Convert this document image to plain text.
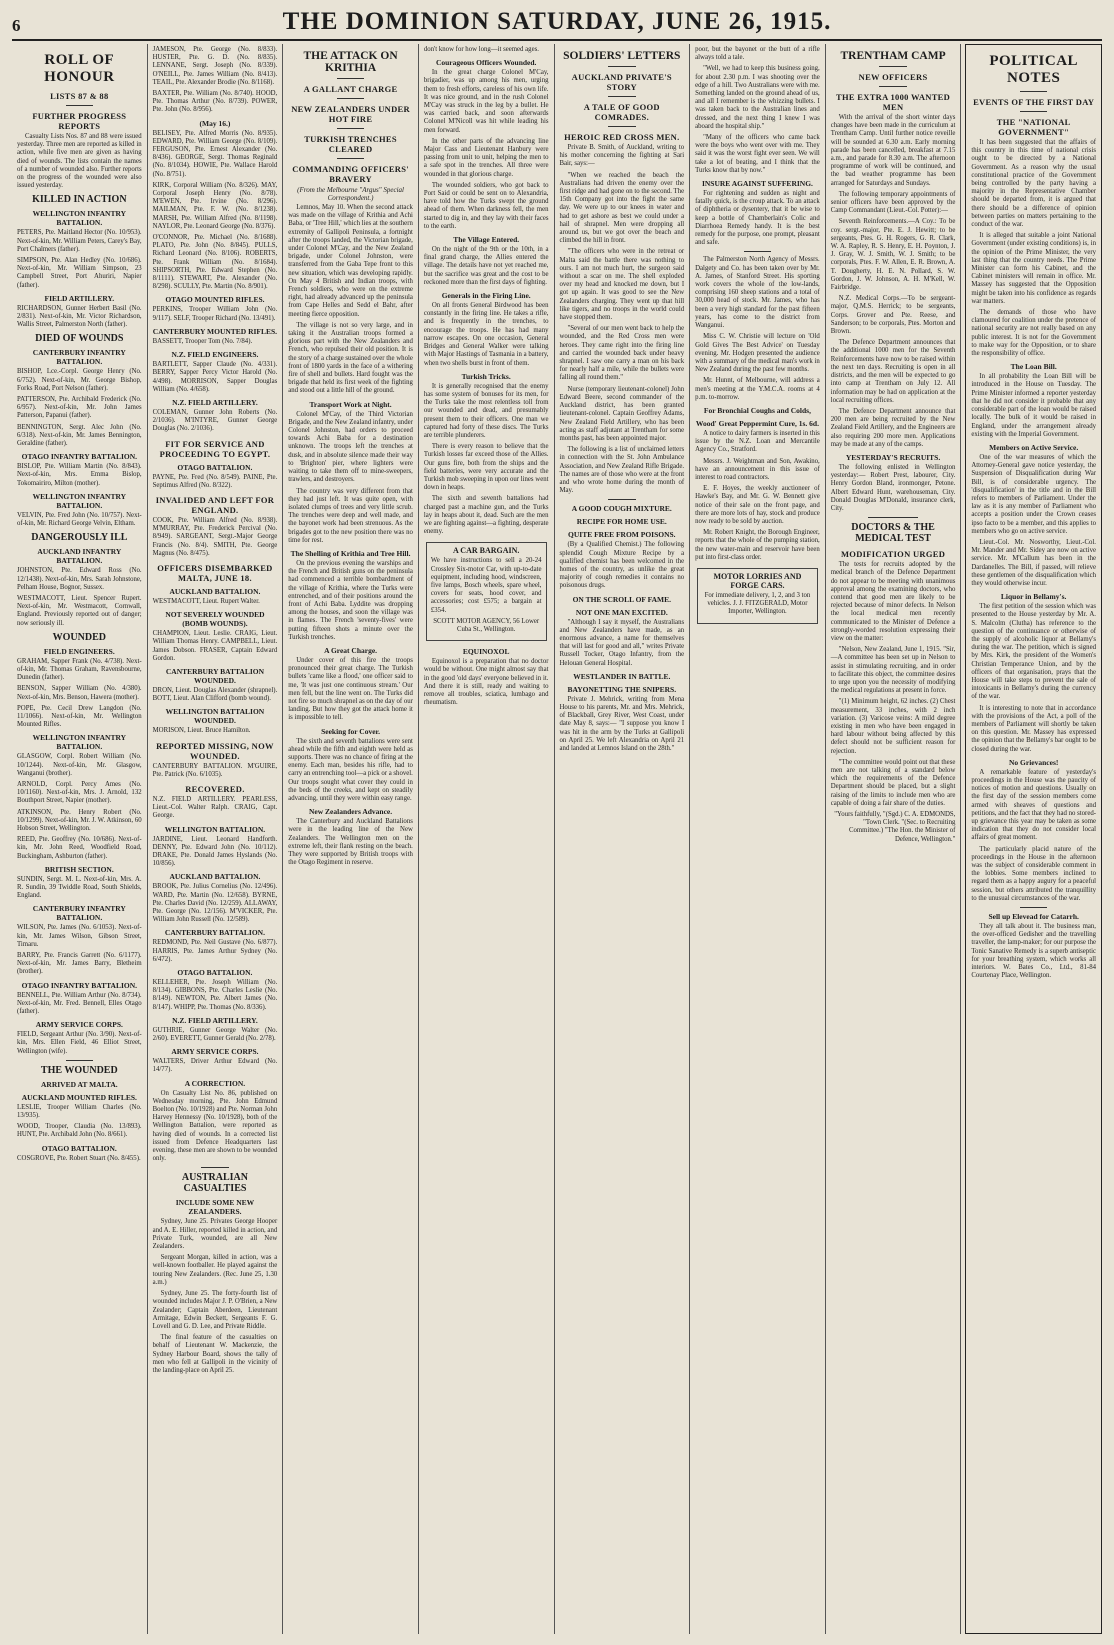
6	THE DOMINION SATURDAY, JUNE 26, 1915.
ROLL OF HONOUR
LISTS 87 & 88
FURTHER PROGRESS REPORTS

Casualty Lists Nos. 87 and 88 were issued yesterday. Three men are reported as killed in action, while five men are given as having died of wounds. The lists contain the names of a number of wounded also. Further reports on the progress of the wounded were also issued yesterday.

KILLED IN ACTION
WELLINGTON INFANTRY BATTALION.

PETERS, Pte. Maitland Hector (No. 10/953). Next-of-kin, Mr. William Peters, Carey's Bay, Port Chalmers (father).

SIMPSON, Pte. Alan Hedley (No. 10/686). Next-of-kin, Mr. William Simpson, 23 Campbell Street, Port Ahuriri, Napier (father).

FIELD ARTILLERY.

RICHARDSON, Gunner Herbert Basil (No. 2/831). Next-of-kin, Mr. Victor Richardson, Wallis Street, Palmerston North (father).

DIED OF WOUNDS
CANTERBURY INFANTRY BATTALION.

BISHOP, Lce.-Corpl. George Henry (No. 6/752). Next-of-kin, Mr. George Bishop, Forks Road, Port Nelson (father).

PATTERSON, Pte. Archibald Frederick (No. 6/957). Next-of-kin, Mr. John James Patterson, Papanui (father).

BENNINGTON, Sergt. Alec John (No. 6/318). Next-of-kin, Mr. James Bennington, Geraldine (father).

OTAGO INFANTRY BATTALION.

BISLOP, Pte. William Martin (No. 8/843). Next-of-kin, Mrs. Emma Bislop, Tokomairiro, Milton (mother).

WELLINGTON INFANTRY BATTALION.

VELVIN, Pte. Fred John (No. 10/757). Next-of-kin, Mr. Richard George Velvin, Eltham.

DANGEROUSLY ILL
AUCKLAND INFANTRY BATTALION.

JOHNSTON, Pte. Edward Ross (No. 12/1438). Next-of-kin, Mrs. Sarah Johnstone, Pelham House, Bognor, Sussex.

WESTMACOTT, Lieut. Spencer Rupert. Next-of-kin, Mr. Westmacott, Cornwall, England. Previously reported out of danger; now seriously ill.

WOUNDED
FIELD ENGINEERS.

GRAHAM, Sapper Frank (No. 4/738). Next-of-kin, Mr. Thomas Graham, Ravensbourne, Dunedin (father).

BENSON, Sapper William (No. 4/380). Next-of-kin, Mrs. Benson, Hawera (mother).

POPE, Pte. Cecil Drew Langdon (No. 11/1066). Next-of-kin, Mr. Wellington Mounted Rifles.

WELLINGTON INFANTRY BATTALION.

GLASGOW, Corpl. Robert William (No. 10/1244). Next-of-kin, Mr. Glasgow, Wanganui (brother).

ARNOLD, Corpl. Percy Ames (No. 10/1160). Next-of-kin, Mrs. J. Arnold, 132 Bouthport Street, Napier (mother).

ATKINSON, Pte. Henry Robert (No. 10/1299). Next-of-kin, Mr. J. W. Atkinson, 60 Hobson Street, Wellington.

REED, Pte. Geoffrey (No. 10/686). Next-of-kin, Mr. John Reed, Woodfield Road, Buckingham, Ashburton (father).

BRITISH SECTION.

SUNDIN, Sergt. M. L. Next-of-kin, Mrs. A. R. Sundin, 39 Twiddle Road, South Shields, England.

CANTERBURY INFANTRY BATTALION.

WILSON, Pte. James (No. 6/1053). Next-of-kin, Mr. James Wilson, Gibson Street, Timaru.

BARRY, Pte. Francis Garrett (No. 6/1177). Next-of-kin, Mr. James Barry, Bletheim (brother).

OTAGO INFANTRY BATTALION.

BENNELL, Pte. William Arthur (No. 8/734). Next-of-kin, Mr. Fred. Bennell, Elles Otago (father).

ARMY SERVICE CORPS.

FIELD, Sergeant Arthur (No. 3/90). Next-of-kin, Mrs. Ellen Field, 46 Elliot Street, Wellington (wife).

THE WOUNDED
ARRIVED AT MALTA.
AUCKLAND MOUNTED RIFLES.

LESLIE, Trooper William Charles (No. 13/935).

WOOD, Trooper, Claudia (No. 13/893). HUNT, Pte. Archibald John (No. 8/661).

OTAGO BATTALION.

COSGROVE, Pte. Robert Stuart (No. 8/455).

JAMESON, Pte. George (No. 8/833). HUSTER, Pte. G. D. (No. 8/835). LENNANE, Sergt. Joseph (No. 8/339). O'NEILL, Pte. James William (No. 8/413). TEAIL, Pte. Alexander Brodie (No. 8/1168).

BAXTER, Pte. William (No. 8/740). HOOD, Pte. Thomas Arthur (No. 8/739). POWER, Pte. John (No. 8/956).

(May 16.)

BELISEY, Pte. Alfred Morris (No. 8/935). EDWARD, Pte. William George (No. 8/109). FERGUSON, Pte. Ernest Alexander (No. 8/436). GEORGE, Sergt. Thomas Reginald (No. 8/1034). HOWIE, Pte. Wallace Harold (No. 8/751).

KIRK, Corporal William (No. 8/326). MAY, Corporal Joseph Henry (No. 8/78). M'EWEN, Pte. Irvine (No. 8/296). MAILMAN, Pte. F. W. (No. 8/1238). MARSH, Pte. William Alfred (No. 8/1198). NAYLOR, Pte. Leonard George (No. 8/376).

O'CONNOR, Pte. Michael (No. 8/1688). PLATO, Pte. John (No. 8/845). PULLS, Richard Leonard (No. 8/106). ROBERTS, Pte. Frank William (No. 8/1684). SHIPSORTH, Pte. Edward Stephen (No. 8/1111). STEWART, Pte. Alexander (No. 8/298). SCULLY, Pte. Martin (No. 8/901).

OTAGO MOUNTED RIFLES.

PERKINS, Trooper William John (No. 9/117). SELF, Trooper Richard (No. 13/491).

CANTERBURY MOUNTED RIFLES.

BASSETT, Trooper Tom (No. 7/84).

N.Z. FIELD ENGINEERS.

BARTLETT, Sapper Claude (No. 4/331). BERRY, Sapper Percy Victor Harold (No. 4/498). MORRISON, Sapper Douglas William (No. 4/658).

N.Z. FIELD ARTILLERY.

COLEMAN, Gunner John Roberts (No. 2/1036). M'INTYRE, Gunner George Douglas (No. 2/1036).

FIT FOR SERVICE AND PROCEEDING TO EGYPT.
OTAGO BATTALION.

PAYNE, Pte. Fred (No. 8/549). PAINE, Pte. Septimus Alfred (No. 8/322).

INVALIDED AND LEFT FOR ENGLAND.

COOK, Pte. William Alfred (No. 8/938). M'MURRAY, Pte. Frederick Percival (No. 8/949). SARGEANT, Sergt.-Major George Francis (No. 8/4). SMITH, Pte. George Magnus (No. 8/475).

OFFICERS DISEMBARKED MALTA, JUNE 18.
AUCKLAND BATTALION.

WESTMACOTT, Lieut. Rupert Walter.

NOT SEVERELY WOUNDED (BOMB WOUNDS).

CHAMPION, Lieut. Leslie. CRAIG, Lieut. William Thomas Henry. CAMPBELL, Lieut. James Dobson. FRASER, Captain Edward Gordon.

CANTERBURY BATTALION WOUNDED.

DRON, Lieut. Douglas Alexander (shrapnel). BOTT, Lieut. Alan Clifford (bomb wound).

WELLINGTON BATTALION WOUNDED.

MORISON, Lieut. Bruce Hamilton.

REPORTED MISSING, NOW WOUNDED.

CANTERBURY BATTALION. M'GUIRE, Pte. Patrick (No. 6/1035).

RECOVERED.

N.Z. FIELD ARTILLERY. PEARLESS, Lieut.-Col. Walter Ralph. CRAIG, Capt. George.

WELLINGTON BATTALION.

JARDINE, Lieut. Leonard Handforth. DENNY, Pte. Edward John (No. 10/112). DRAKE, Pte. Donald James Hyslands (No. 10/856).

AUCKLAND BATTALION.

BROOK, Pte. Julius Cornelius (No. 12/496). WARD, Pte. Martin (No. 12/658). BYRNE, Pte. Charles David (No. 12/259). ALLAWAY, Pte. George (No. 12/156). M'VICKER, Pte. William John Russell (No. 12/589).

CANTERBURY BATTALION.

REDMOND, Pte. Neil Gustave (No. 6/877). HARRIS, Pte. James Arthur Sydney (No. 6/472).

OTAGO BATTALION.

KELLEHER, Pte. Joseph William (No. 8/134). GIBBONS, Pte. Charles Leslie (No. 8/149). NEWTON, Pte. Albert James (No. 8/147). WHIPP, Pte. Thomas (No. 8/336).

N.Z. FIELD ARTILLERY.

GUTHRIE, Gunner George Walter (No. 2/60). EVERETT, Gunner Gerald (No. 2/78).

ARMY SERVICE CORPS.

WALTERS, Driver Arthur Edward (No. 14/77).

A CORRECTION.

On Casualty List No. 86, published on Wednesday morning, Pte. John Edmund Boelton (No. 10/1928) and Pte. Norman John Harvey Hennessy (No. 10/1928), both of the Wellington Battalion, were reported as having died of wounds. In a corrected list issued from Defence Headquarters last evening, these men are shown to be wounded only.

AUSTRALIAN CASUALTIES
INCLUDE SOME NEW ZEALANDERS.

Sydney, June 25. Privates George Hooper and A. E. Hiller, reported killed in action, and Private Turk, wounded, are all New Zealanders.

Sergeant Morgan, killed in action, was a well-known footballer. He played against the touring New Zealanders. (Rec. June 25, 1.30 a.m.)

Sydney, June 25. The forty-fourth list of wounded includes Major J. P. O'Brien, a New Zealander; Captain Aberdeen, Lieutenant Armitage, Edwin Beckett, Sergeants F. G. Lovell and G. D. Lee, and Private Riddle.

The final feature of the casualties on behalf of Lieutenant W. Mackenzie, the Sydney Harbour Board, shows the tally of men who fell at Gallipoli in the vicinity of the landing-place on April 25.

THE ATTACK ON KRITHIA
A GALLANT CHARGE
NEW ZEALANDERS UNDER HOT FIRE
TURKISH TRENCHES CLEARED
COMMANDING OFFICERS' BRAVERY
(From the Melbourne "Argus" Special Correspondent.)

Lemnos, May 10. When the second attack was made on the village of Krithia and Achi Baba, or 'Tree Hill,' which lies at the southern extremity of Gallipoli Peninsula, a fortnight after the troops landed, the Victorian brigade, under Colonel M'Cay, and the New Zealand brigade, under Colonel Johnston, were transferred from the Gaba Tepe front to this new situation, which was developing rapidly. On May 4 British and Indian troops, with French soldiers, who were on the extreme right, had already advanced up the peninsula from Cape Helles and Sedd el Bahr, after meeting fierce opposition.

The village is not so very large, and in taking it the Australian troops formed a glorious part with the New Zealanders and French, who repulsed their old position. It is the story of a charge sustained over the whole front of 1800 yards in the face of a withering fire of shell and bullets. Hard fought was the brigade that held its first week of the fighting and stood out a little hill of the ground.

Transport Work at Night.

Colonel M'Cay, of the Third Victorian Brigade, and the New Zealand infantry, under Colonel Johnston, had orders to proceed towards Achi Baba for a destination unknown. The troops left the trenches at dusk, and in absolute silence made their way to 'Brighton' pier, where lighters were waiting to take them off to mine-sweepers, trawlers, and destroyers.

The country was very different from that they had just left. It was quite open, with isolated clumps of trees and very little scrub. The trenches were deep and well made, and the bayonet work had been strenuous. As the brigades got to the new position there was no time for rest.

The Shelling of Krithia and Tree Hill.

On the previous evening the warships and the French and British guns on the peninsula had commenced a terrible bombardment of the village of Krithia, where the Turks were entrenched, and of their positions around the front of Achi Baba. Lyddite was dropping among the houses, and soon the village was in flames. The French 'seventy-fives' were putting fifteen shots a minute over the Turkish trenches.

A Great Charge.

Under cover of this fire the troops pronounced their great charge. The Turkish bullets 'came like a flood,' one officer said to me, 'It was just one continuous stream.' Our men fell, but the line went on. The Turks did not fire so much shrapnel as on the day of our landing. But how they got the attack home it is impossible to tell.

Seeking for Cover.

The sixth and seventh battalions were sent ahead while the fifth and eighth were held as supports. There was no chance of firing at the enemy. Each man, besides his rifle, had to carry an entrenching tool—a pick or a shovel. Our troops sought what cover they could in the beds of the creeks, and kept on steadily advancing, until they were within easy range.

New Zealanders Advance.

The Canterbury and Auckland Battalions were in the leading line of the New Zealanders. The Wellington men on the extreme left, their flank resting on the beach. They were supported by British troops with the Otago Regiment in reserve.

don't know for how long—it seemed ages.

Courageous Officers Wounded.

In the great charge Colonel M'Cay, brigadier, was up among his men, urging them to fresh efforts, careless of his own life. It was nice ground, and in the rush Colonel M'Cay was struck in the leg by a bullet. He was carried back, and soon afterwards Colonel M'Nicoll was hit while leading his men forward.

In the other parts of the advancing line Major Cass and Lieutenant Hanbury were passing from unit to unit, helping the men to a safe spot in the trenches. All three were wounded in that glorious charge.

The wounded soldiers, who got back to Port Said or could be sent on to Alexandria, have told how the Turks swept the ground ahead of them. When darkness fell, the men started to dig in, and they lay with their faces to the earth.

The Village Entered.

On the night of the 9th or the 10th, in a final grand charge, the Allies entered the village. The details have not yet reached me, but the sacrifice was great and the cost to be reckoned more than the first days of fighting.

Generals in the Firing Line.

On all fronts General Birdwood has been constantly in the firing line. He takes a rifle, and is frequently in the trenches, to encourage the troops. He has had many narrow escapes. On one occasion, General Bridges and General Walker were talking with Major Hastings of Tasmania in a battery, when two shells burst in front of them.

Turkish Tricks.

It is generally recognised that the enemy has some system of bonuses for its men, for the Turks take the most relentless toll from our wounded and dead, and presumably present them to their officers. One man we captured had forty of these discs. The Turks are terrible plunderers.

There is every reason to believe that the Turkish losses far exceed those of the Allies. Our guns fire, both from the ships and the field batteries, were very accurate and the Turkish mob sweeping in upon our lines went down in heaps.

The sixth and seventh battalions had charged past a machine gun, and the Turks lay in heaps about it, dead. Such are the men we are fighting against—a fighting, desperate enemy.

A CAR BARGAIN.

We have instructions to sell a 20-24 Crossley Six-motor Car, with up-to-date equipment, including hood, windscreen, five lamps, Bosch wheels, spare wheel, covers for seats, hood cover, and accessories; cost £575; a bargain at £354.

SCOTT MOTOR AGENCY, 56 Lower Cuba St., Wellington.

EQUINOXOL

Equinoxol is a preparation that no doctor would be without. One might almost say that in the good 'old days' everyone believed in it. And there it is still, ready and waiting to remove all troubles, sciatica, lumbago and rheumatism.

SOLDIERS' LETTERS
AUCKLAND PRIVATE'S STORY
A TALE OF GOOD COMRADES.
HEROIC RED CROSS MEN.

Private B. Smith, of Auckland, writing to his mother concerning the fighting at Sari Bair, says:—

"When we reached the beach the Australians had driven the enemy over the first ridge and had gone on to the second. The 15th Company got into the fight the same day. We were up to our knees in water and had to get ashore as best we could under a hail of shrapnel. Men were dropping all around us, but we got over the beach and climbed the hill in front.

"The officers who were in the retreat or Malta said the battle there was nothing to ours. I am not much hurt, the surgeon said without a scar on me. The shell exploded over my head and knocked me down, but I got up again. It was good to see the New Zealanders charging. They went up that hill like tigers, and no troops in the world could have stopped them.

"Several of our men went back to help the wounded, and the Red Cross men were heroes. They came right into the firing line and carried the wounded back under heavy shrapnel. I saw one carry a man on his back for nearly half a mile, while the bullets were falling all round them."

Nurse (temporary lieutenant-colonel) John Edward Beere, second commander of the Auckland district, has been granted lieutenant-colonel. Captain Geoffrey Adams, New Zealand Field Artillery, who has been acting as staff adjutant at Trentham for some months past, has been appointed major.

The following is a list of unclaimed letters in connection with the St. John Ambulance Association, and New Zealand Rifle Brigade. The names are of those who were at the front and who wrote home during the month of May.

A GOOD COUGH MIXTURE.
RECIPE FOR HOME USE.
QUITE FREE FROM POISONS.

(By a Qualified Chemist.) The following splendid Cough Mixture Recipe by a qualified chemist has been welcomed in the homes of the country, as unlike the great majority of cough remedies it contains no poisonous drugs.

ON THE SCROLL OF FAME.
NOT ONE MAN EXCITED.

"Although I say it myself, the Australians and New Zealanders have made, as an enormous advance, a name for themselves that will last for good and all," writes Private Russell Tocker, Otago Infantry, from the Helouan General Hospital.

WESTLANDER IN BATTLE.
BAYONETTING THE SNIPERS.

Private J. Mehrick, writing from Mena House to his parents, Mr. and Mrs. Mehrick, of Blackball, Grey River, West Coast, under date May 8, says:— "I suppose you know I was hit in the arm by the Turks at Gallipoli on April 25. We left Alexandria on April 21 and landed at Lemnos Island on the 28th."

poor, but the bayonet or the butt of a rifle always told a tale.

"Well, we had to keep this business going, for about 2.30 p.m. I was shooting over the edge of a hill. Two Australians were with me. Something landed on the ground ahead of us, and all I remember is the whizzing bullets. I was taken back to the Australian lines and dressed, and the next thing I knew I was aboard the hospital ship."

"Many of the officers who came back were the boys who went over with me. They said it was the worst fight ever seen. We will take a lot of beating, and I think that the Turks know that by now."

INSURE AGAINST SUFFERING.

For rightening and sudden as night and fatally quick, is the croup attack. To an attack of diphtheria or dysentery, that it be wise to keep a bottle of Chamberlain's Colic and Diarrhoea Remedy handy. It is the best remedy for the purpose, one prompt, pleasant and safe.

The Palmerston North Agency of Messrs. Dalgety and Co. has been taken over by Mr. A. James, of Stanford Street. His sporting work covers the whole of the low-lands, comprising 160 sheep stations and a total of 30,000 head of stock. Mr. James, who has been a very high standard for the past fifteen years, has come to the district from Wanganui.

Miss C. W. Christie will lecture on 'Old Gold Gives The Best Advice' on Tuesday evening. Mr. Hodgen presented the audience with a summary of the medical man's work in New Zealand during the past few months.

Mr. Hunnt, of Melbourne, will address a men's meeting at the Y.M.C.A. rooms at 4 p.m. to-morrow.

For Bronchial Coughs and Colds,
Wood' Great Peppermint Cure, 1s. 6d.

A notice to dairy farmers is inserted in this issue by the N.Z. Loan and Mercantile Agency Co., Stratford.

Messrs. J. Weightman and Son, Awakino, have an announcement in this issue of interest to road contractors.

E. F. Hoyes, the weekly auctioneer of Hawke's Bay, and Mr. G. W. Bennett give notice of their sale on the front page, and there are more lots of hay, stock and produce now ready to be sold by auction.

Mr. Robert Knight, the Borough Engineer, reports that the whole of the pumping station, the new water-main and reservoir have been put into first-class order.

MOTOR LORRIES AND FORGE CARS.

For immediate delivery, 1, 2, and 3 ton vehicles. J. J. FITZGERALD, Motor Importer, Wellington.

TRENTHAM CAMP
NEW OFFICERS
THE EXTRA 1000 WANTED MEN

With the arrival of the short winter days changes have been made in the curriculum at Trentham Camp. Until further notice reveille will be sounded at 6.30 a.m. Early morning parade has been cancelled, breakfast at 7.15 a.m., and parade for 8.30 a.m. The afternoon programme of work will be continued, and the bad weather programme has been arranged for Saturdays and Sundays.

The following temporary appointments of senior officers have been approved by the Camp Commandant (Lieut.-Col. Potter):—

Seventh Reinforcements.—A Coy.: To be coy. sergt.-major, Pte. E. J. Hewitt; to be sergeants, Ptes. G. H. Rogers, G. R. Clark, W. A. Rapley, R. S. Henry, E. H. Poynton, J. J. Gray, W. J. Smith, W. J. Smith; to be corporals, Ptes. F. W. Allen, E. R. Brown, A. T. Dougherty, H. E. N. Pollard, S. W. Gordon, J. W. Johnson, A. H. M'Kell, W. Fairbridge.

N.Z. Medical Corps.—To be sergeant-major, Q.M.S. Herrick; to be sergeants, Corps. Grover and Pte. Reese, and Sanderson; to be corporals, Ptes. Morton and Brown.

The Defence Department announces that the additional 1000 men for the Seventh Reinforcements have now to be raised within the next ten days. Recruiting is open in all districts, and the men will be expected to go into camp at Trentham on July 12. All information may be had on application at the local recruiting offices.

The Defence Department announce that 200 men are being recruited by the New Zealand Field Artillery, and the Engineers are also requiring 200 more men. Applications may be made at any of the camps.

YESTERDAY'S RECRUITS.

The following enlisted in Wellington yesterday:— Robert Prest, labourer, City. Henry Gordon Bland, ironmonger, Petone. Albert Edward Hunt, warehouseman, City. Donald Douglas M'Donald, insurance clerk, City.

DOCTORS & THE MEDICAL TEST
MODIFICATION URGED

The tests for recruits adopted by the medical branch of the Defence Department do not appear to be meeting with unanimous approval among the examining doctors, who contend that good men are likely to be rejected because of minor defects. In Nelson the local medical men recently communicated to the Minister of Defence a strongly-worded resolution expressing their view on the matter:

"Nelson, New Zealand, June 1, 1915. "Sir,—A committee has been set up in Nelson to assist in stimulating recruiting, and in order to facilitate this object, the committee desires to urge upon you the necessity of modifying the medical regulations at present in force.

"(1) Minimum height, 62 inches. (2) Chest measurement, 33 inches, with 2 inch variation. (3) Varicose veins: A mild degree existing in men who have been engaged in hard labour without being affected by this defect should not be sufficient reason for rejection.

"The committee would point out that these men are not talking of a standard below which the requirements of the Defence Department should be placed, but a slight raising of the limits to include men who are capable of doing a fair share of the duties.

"Yours faithfully, "(Sgd.) C. A. EDMONDS, "Town Clerk. "(Sec. to Recruiting Committee.) "The Hon. the Minister of Defence, Wellington."

POLITICAL NOTES
EVENTS OF THE FIRST DAY
THE "NATIONAL GOVERNMENT"

It has been suggested that the affairs of this country in this time of national crisis ought to be directed by a National Government. As a reason why the usual constitutional practice of the Government being controlled by the party having a majority in the Representative Chamber should be departed from, it is argued that there should be a difference of opinion between parties on matters pertaining to the conduct of the war.

It is alleged that suitable a joint National Government (under existing conditions) is, in the opinion of the Prime Minister, the very last thing that the country needs. The Prime Minister can form his Cabinet, and the Cabinet ministers will remain in office. Mr. Massey has suggested that the Opposition might be taken into his confidence as regards war matters.

The demands of those who have clamoured for coalition under the pretence of national security are not really based on any public interest. It is not for the Government to make way for the Opposition, or to share the responsibility of office.

The Loan Bill.

In all probability the Loan Bill will be introduced in the House on Tuesday. The Prime Minister informed a reporter yesterday that he did not consider it probable that any considerable part of the loan would be raised locally. The bulk of it would be raised in England, under the arrangement already existing with the Imperial Government.

Members on Active Service.

One of the war measures of which the Attorney-General gave notice yesterday, the Suspension of Disqualification during War Bill, is of considerable urgency. The 'disqualification' in the title and in the Bill refers to members of Parliament. Under the law as it is any member of Parliament who accepts a position under the Crown ceases ipso facto to be a member, and this applies to members who go on active service.

Lieut.-Col. Mr. Nosworthy, Lieut.-Col. Mr. Mander and Mr. Sidey are now on active service. Mr. M'Callum has been in the Dardanelles. The Bill, if passed, will relieve these gentlemen of the disqualification which they would otherwise incur.

Liquor in Bellamy's.

The first petition of the session which was presented to the House yesterday by Mr. A. S. Malcolm (Clutha) has reference to the question of the continuance or otherwise of the supply of alcoholic liquor at Bellamy's during the war. The petition, which is signed by Mrs. Kirk, the president of the Women's Christian Temperance Union, and by the officers of that organisation, prays that the House will take steps to prevent the sale of intoxicants in Bellamy's during the currency of the war.

It is interesting to note that in accordance with the provisions of the Act, a poll of the members of Parliament will shortly be taken on this question. Mr. Massey has expressed the opinion that the Bellamy's bar ought to be closed during the war.

No Grievances!

A remarkable feature of yesterday's proceedings in the House was the paucity of notices of motion and questions. Usually on the first day of the session members come armed with sheaves of questions and petitions, and the fact that they had no stored-up grievance this year may be taken as some indication that they do not consider local affairs of great moment.

The particularly placid nature of the proceedings in the House in the afternoon was the subject of considerable comment in the lobbies. Some members inclined to regard them as a happy augury for a peaceful session, but others attributed the tranquillity to the unusual circumstances of the war.

Sell up Elevead for Catarrh.

They all talk about it. The business man, the over-officed Gedisher and the travelling traveller, the lamp-maker; for our purpose the Tonic Sanative Remedy is a superb antiseptic for your breathing system, which works all interiors. W. Bates Co., Ltd., 81-84 Courtenay Place, Wellington.
